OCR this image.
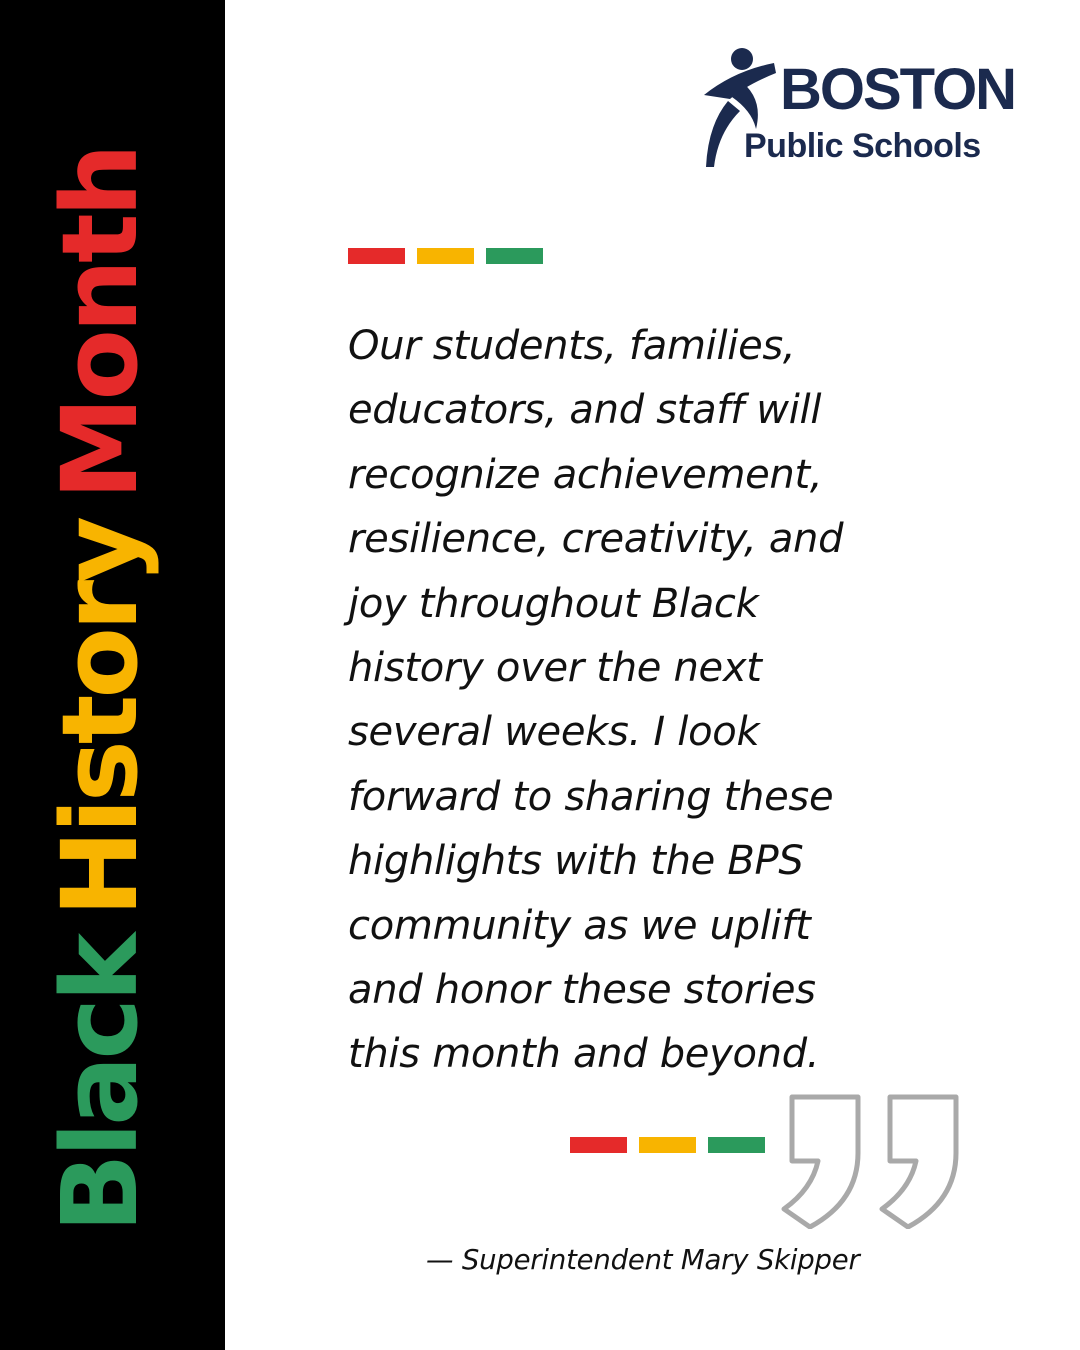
BlackHistoryMonth
BOSTON
Public Schools
Our students, families,
educators, and staff will
recognize achievement,
resilience, creativity, and
joy throughout Black
history over the next
several weeks. I look
forward to sharing these
highlights with the BPS
community as we uplift
and honor these stories
this month and beyond.
— Superintendent Mary Skipper
